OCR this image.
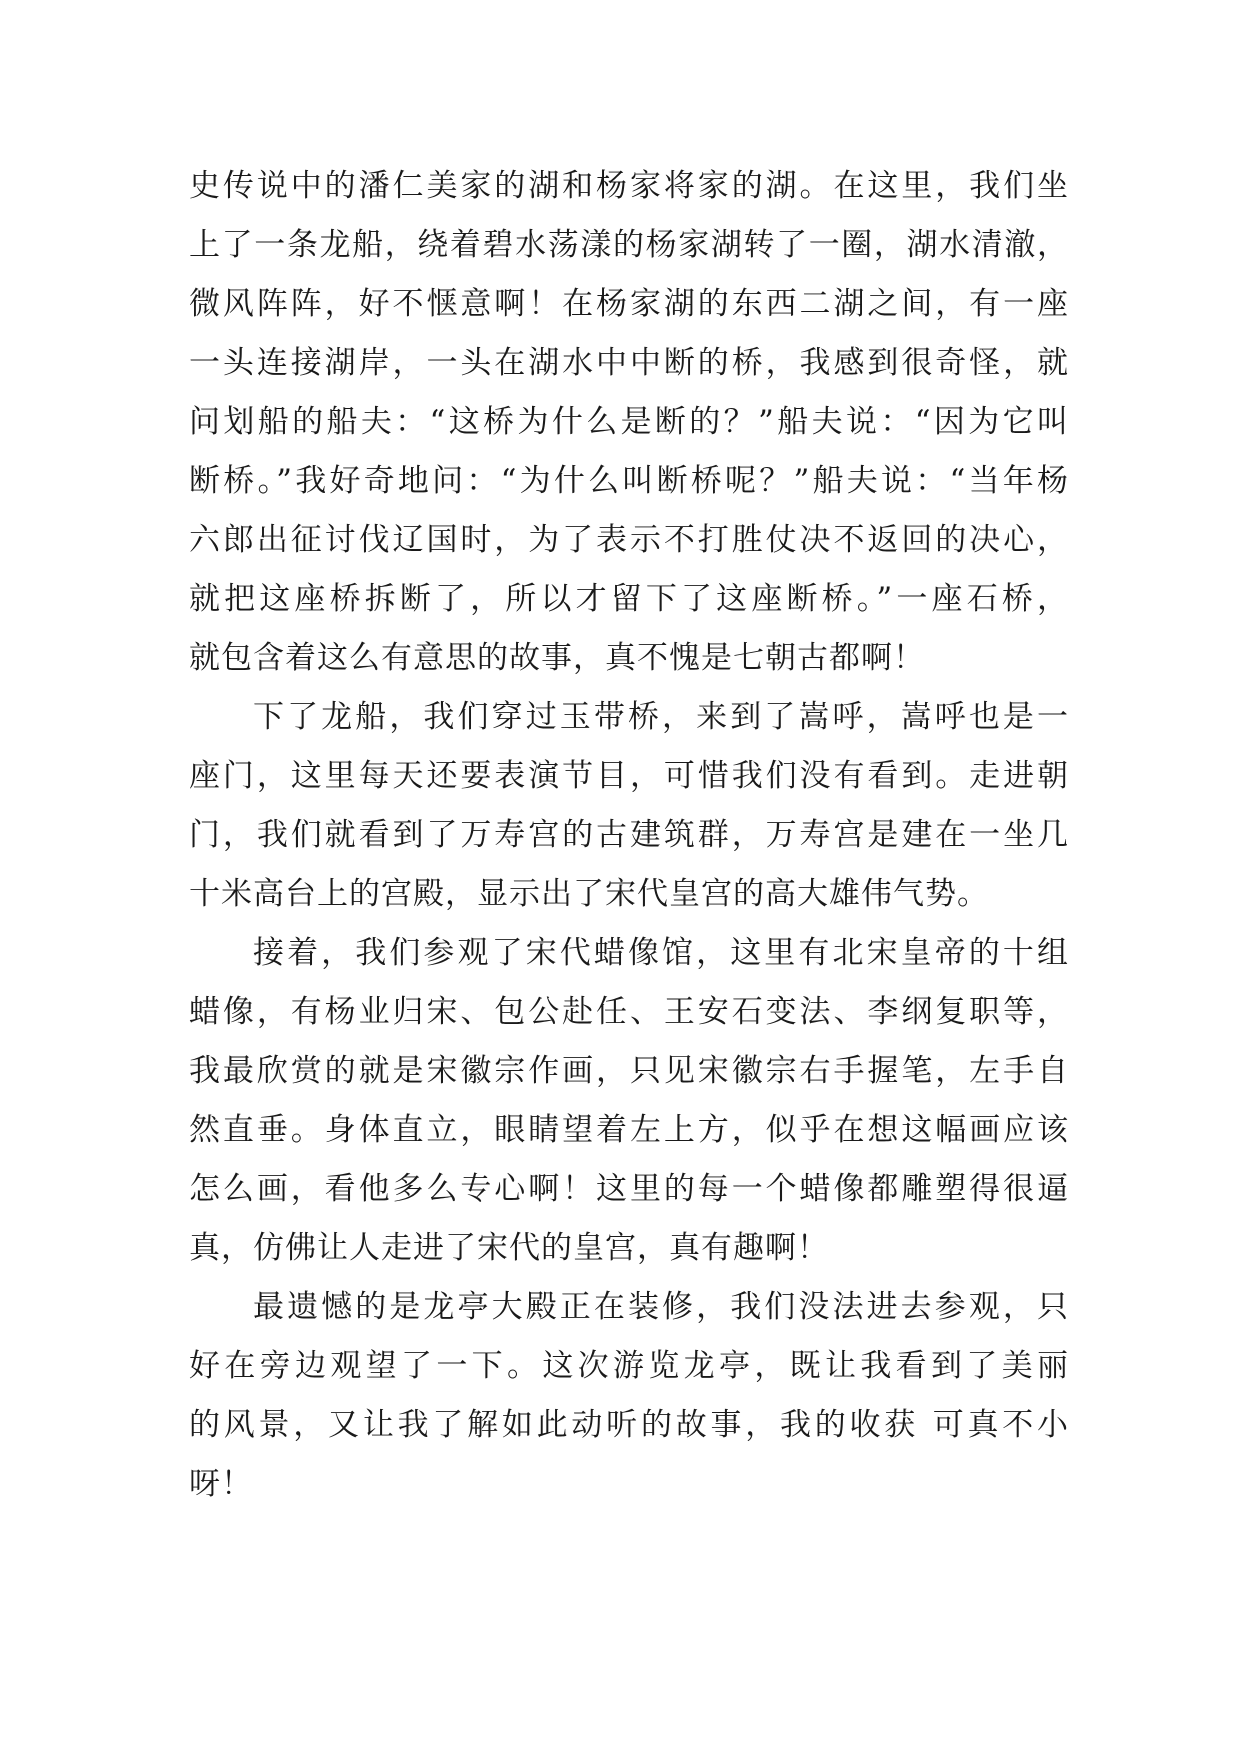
史传说中的潘仁美家的湖和杨家将家的湖。在这里，我们坐
上了一条龙船，绕着碧水荡漾的杨家湖转了一圈，湖水清澈，
微风阵阵，好不惬意啊！在杨家湖的东西二湖之间，有一座
一头连接湖岸，一头在湖水中中断的桥，我感到很奇怪，就
问划船的船夫：“这桥为什么是断的？”船夫说：“因为它叫
断桥。”我好奇地问：“为什么叫断桥呢？”船夫说：“当年杨
六郎出征讨伐辽国时，为了表示不打胜仗决不返回的决心，
就把这座桥拆断了，所以才留下了这座断桥。”一座石桥，
就包含着这么有意思的故事，真不愧是七朝古都啊！
下了龙船，我们穿过玉带桥，来到了嵩呼，嵩呼也是一
座门，这里每天还要表演节目，可惜我们没有看到。走进朝
门，我们就看到了万寿宫的古建筑群，万寿宫是建在一坐几
十米高台上的宫殿，显示出了宋代皇宫的高大雄伟气势。
接着，我们参观了宋代蜡像馆，这里有北宋皇帝的十组
蜡像，有杨业归宋、包公赴任、王安石变法、李纲复职等，
我最欣赏的就是宋徽宗作画，只见宋徽宗右手握笔，左手自
然直垂。身体直立，眼睛望着左上方，似乎在想这幅画应该
怎么画，看他多么专心啊！这里的每一个蜡像都雕塑得很逼
真，仿佛让人走进了宋代的皇宫，真有趣啊！
最遗憾的是龙亭大殿正在装修，我们没法进去参观，只
好在旁边观望了一下。这次游览龙亭，既让我看到了美丽
的风景，又让我了解如此动听的故事，我的收获 可真不小
呀！
